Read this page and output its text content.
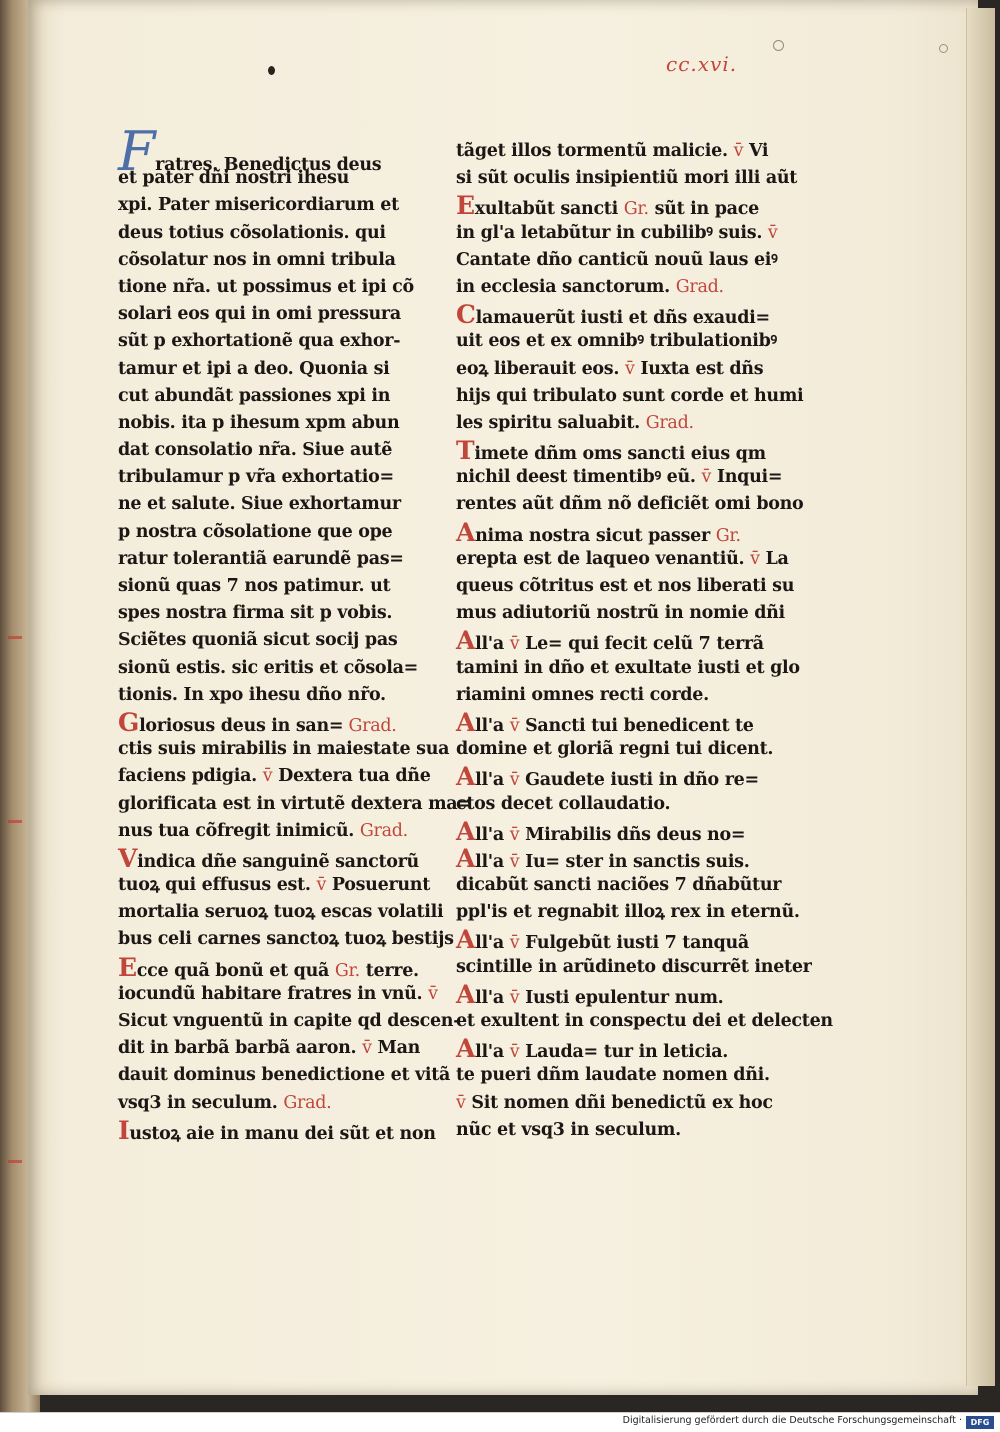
cc.xvi.
Fratres. Benedictus deus
et pater dñi nostri ihesu
xpi. Pater misericordiarum et
deus totius cõsolationis. qui
cõsolatur nos in omni tribula
tione nr̃a. ut possimus et ipi cõ
solari eos qui in omi pressura
sũt p exhortationẽ qua exhor-
tamur et ipi a deo. Quonia si
cut abundãt passiones xpi in
nobis. ita p ihesum xpm abun
dat consolatio nr̃a. Siue autẽ
tribulamur p vr̃a exhortatio=
ne et salute. Siue exhortamur
p nostra cõsolatione que ope
ratur tolerantiã earundẽ pas=
sionũ quas 7 nos patimur. ut
spes nostra firma sit p vobis.
Sciẽtes quoniã sicut socij pas
sionũ estis. sic eritis et cõsola=
tionis. In xpo ihesu dño nr̃o.
Gloriosus deus in san= Grad.
ctis suis mirabilis in maiestate sua
faciens pdigia. v̄ Dextera tua dñe
glorificata est in virtutẽ dextera ma=
nus tua cõfregit inimicũ. Grad.
Vindica dñe sanguinẽ sanctorũ
tuoꝝ qui effusus est. v̄ Posuerunt
mortalia seruoꝝ tuoꝝ escas volatili
bus celi carnes sanctoꝝ tuoꝝ bestijs
Ecce quã bonũ et quã Gr. terre.
iocundũ habitare fratres in vnũ. v̄
Sicut vnguentũ in capite qd descen-
dit in barbã barbã aaron. v̄ Man
dauit dominus benedictione et vitã
vsq3 in seculum. Grad.
Iustoꝝ aie in manu dei sũt et non
tãget illos tormentũ malicie. v̄ Vi
si sũt oculis insipientiũ mori illi aũt
Exultabũt sancti Gr. sũt in pace
in gl'a letabũtur in cubilibꝰ suis. v̄
Cantate dño canticũ nouũ laus eiꝰ
in ecclesia sanctorum. Grad.
Clamauerũt iusti et dñs exaudi=
uit eos et ex omnibꝰ tribulationibꝰ
eoꝝ liberauit eos. v̄ Iuxta est dñs
hijs qui tribulato sunt corde et humi
les spiritu saluabit. Grad.
Timete dñm oms sancti eius qm
nichil deest timentibꝰ eũ. v̄ Inqui=
rentes aũt dñm nõ deficiẽt omi bono
Anima nostra sicut passer Gr.
erepta est de laqueo venantiũ. v̄ La
queus cõtritus est et nos liberati su
mus adiutoriũ nostrũ in nomie dñi
All'a v̄ Le= qui fecit celũ 7 terrã
tamini in dño et exultate iusti et glo
riamini omnes recti corde.
All'a v̄ Sancti tui benedicent te
domine et gloriã regni tui dicent.
All'a v̄ Gaudete iusti in dño re=
ctos decet collaudatio.
All'a v̄ Mirabilis dñs deus no=
All'a v̄ Iu= ster in sanctis suis.
dicabũt sancti naciões 7 dñabũtur
ppl'is et regnabit illoꝝ rex in eternũ.
All'a v̄ Fulgebũt iusti 7 tanquã
scintille in arũdineto discurrẽt ineter
All'a v̄ Iusti epulentur num.
et exultent in conspectu dei et delecten
All'a v̄ Lauda= tur in leticia.
te pueri dñm laudate nomen dñi.
v̄ Sit nomen dñi benedictũ ex hoc
nũc et vsq3 in seculum.
Digitalisierung gefördert durch die Deutsche Forschungsgemeinschaft ·	DFG
